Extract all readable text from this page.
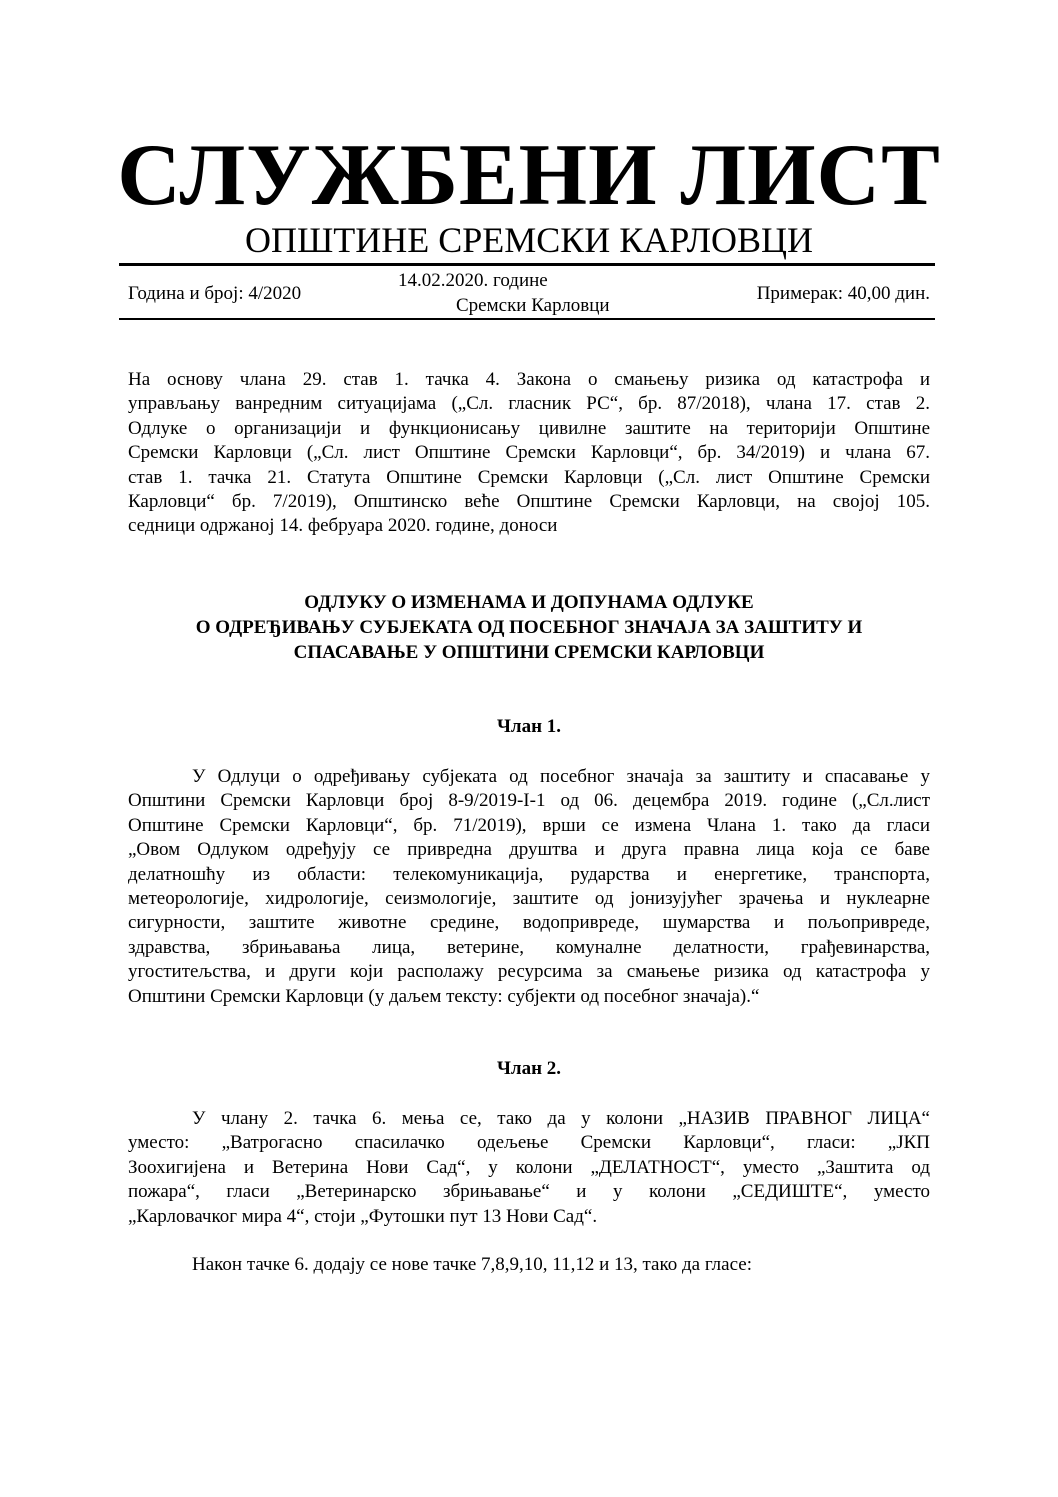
СЛУЖБЕНИ ЛИСТ
ОПШТИНЕ СРЕМСКИ КАРЛОВЦИ
Година и број: 4/2020
14.02.2020. године
Сремски Карловци
Примерак: 40,00 дин.
На основу члана 29. став 1. тачка 4. Закона о смањењу ризика од катастрофа и
управљању ванредним ситуацијама („Сл. гласник РС“, бр. 87/2018), члана 17. став 2.
Одлуке о организацији и функционисању цивилне заштите на територији Општине
Сремски Карловци („Сл. лист Општине Сремски Карловци“, бр. 34/2019) и члана 67.
став 1. тачка 21. Статута Општине Сремски Карловци („Сл. лист Општине Сремски
Карловци“ бр. 7/2019), Општинско веће Општине Сремски Карловци, на својој 105.
седници одржаној 14. фебруара 2020. године, доноси
ОДЛУКУ О ИЗМЕНАМА И ДОПУНАМА ОДЛУКЕ
О ОДРЕЂИВАЊУ СУБЈЕКАТА ОД ПОСЕБНОГ ЗНАЧАЈА ЗА ЗАШТИТУ И
СПАСАВАЊЕ У ОПШТИНИ СРЕМСКИ КАРЛОВЦИ
Члан 1.
У Одлуци о одређивању субјеката од посебног значаја за заштиту и спасавање у
Општини Сремски Карловци број 8-9/2019-I-1 од 06. децембра 2019. године („Сл.лист
Општине Сремски Карловци“, бр. 71/2019), врши се измена Члана 1. тако да гласи
„Овом Одлуком одређују се привредна друштва и друга правна лица која се баве
делатношћу из области: телекомуникација, рударства и енергетике, транспорта,
метеорологије, хидрологије, сеизмологије, заштите од јонизујућег зрачења и нуклеарне
сигурности, заштите животне средине, водопривреде, шумарства и пољопривреде,
здравства, збрињавања лица, ветерине, комуналне делатности, грађевинарства,
угоститељства, и други који располажу ресурсима за смањење ризика од катастрофа у
Општини Сремски Карловци (у даљем тексту: субјекти од посебног значаја).“
Члан 2.
У члану 2. тачка 6. мења се, тако да у колони „НАЗИВ ПРАВНОГ ЛИЦА“
уместо: „Ватрогасно спасилачко одељење Сремски Карловци“, гласи: „ЈКП
Зоохигијена и Ветерина Нови Сад“, у колони „ДЕЛАТНОСТ“, уместо „Заштита од
пожара“, гласи „Ветеринарско збрињавање“ и у колони „СЕДИШТЕ“, уместо
„Карловачког мира 4“, стоји „Футошки пут 13 Нови Сад“.
Након тачке 6. додају се нове тачке 7,8,9,10, 11,12 и 13, тако да гласе:
